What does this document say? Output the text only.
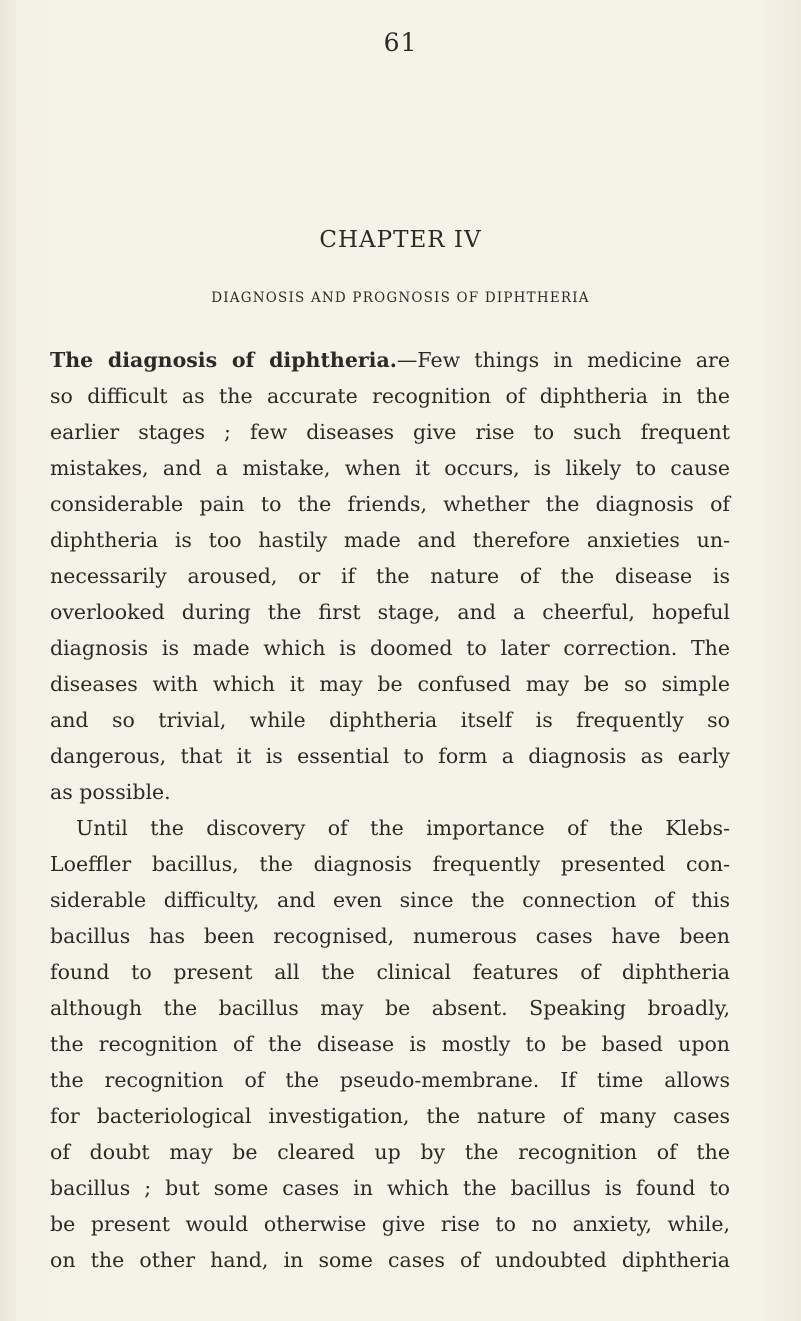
61
CHAPTER IV
DIAGNOSIS AND PROGNOSIS OF DIPHTHERIA
The diagnosis of diphtheria.—Few things in medicine are
so difficult as the accurate recognition of diphtheria in the
earlier stages ; few diseases give rise to such frequent
mistakes, and a mistake, when it occurs, is likely to cause
considerable pain to the friends, whether the diagnosis of
diphtheria is too hastily made and therefore anxieties un-
necessarily aroused, or if the nature of the disease is
overlooked during the first stage, and a cheerful, hopeful
diagnosis is made which is doomed to later correction. The
diseases with which it may be confused may be so simple
and so trivial, while diphtheria itself is frequently so
dangerous, that it is essential to form a diagnosis as early
as possible.
Until the discovery of the importance of the Klebs-
Loeffler bacillus, the diagnosis frequently presented con-
siderable difficulty, and even since the connection of this
bacillus has been recognised, numerous cases have been
found to present all the clinical features of diphtheria
although the bacillus may be absent. Speaking broadly,
the recognition of the disease is mostly to be based upon
the recognition of the pseudo-membrane. If time allows
for bacteriological investigation, the nature of many cases
of doubt may be cleared up by the recognition of the
bacillus ; but some cases in which the bacillus is found to
be present would otherwise give rise to no anxiety, while,
on the other hand, in some cases of undoubted diphtheria
